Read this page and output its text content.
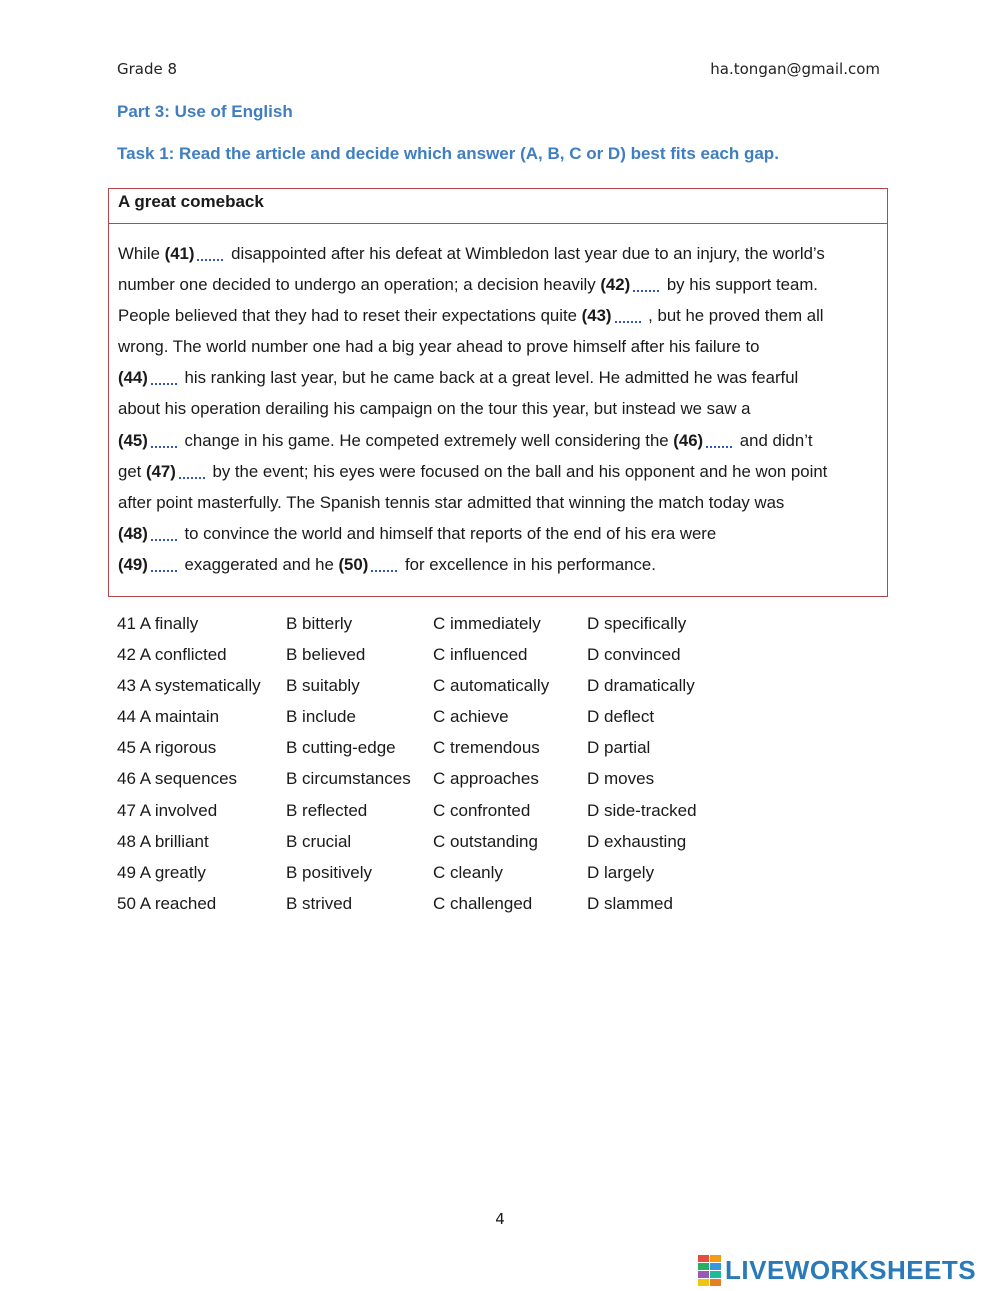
Grade 8	ha.tongan@gmail.com
Part 3: Use of English
Task 1: Read the article and decide which answer (A, B, C or D) best fits each gap.
A great comeback
While (41) disappointed after his defeat at Wimbledon last year due to an injury, the world’s
number one decided to undergo an operation; a decision heavily (42) by his support team.
People believed that they had to reset their expectations quite (43) , but he proved them all
wrong. The world number one had a big year ahead to prove himself after his failure to
(44) his ranking last year, but he came back at a great level. He admitted he was fearful
about his operation derailing his campaign on the tour this year, but instead we saw a
(45) change in his game. He competed extremely well considering the (46) and didn’t
get (47) by the event; his eyes were focused on the ball and his opponent and he won point
after point masterfully. The Spanish tennis star admitted that winning the match today was
(48) to convince the world and himself that reports of the end of his era were
(49) exaggerated and he (50) for excellence in his performance.
41 A finally	B bitterly	C immediately	D specifically
42 A conflicted	B believed	C influenced	D convinced
43 A systematically B suitably	C automatically D dramatically
44 A maintain	B include	C achieve	D deflect
45 A rigorous	B cutting-edge C tremendous	D partial
46 A sequences	B circumstances C approaches	D moves
47 A involved	B reflected	C confronted	D side-tracked
48 A brilliant	B crucial	C outstanding	D exhausting
49 A greatly	B positively	C cleanly	D largely
50 A reached	B strived	C challenged	D slammed
4
LIVEWORKSHEETS
